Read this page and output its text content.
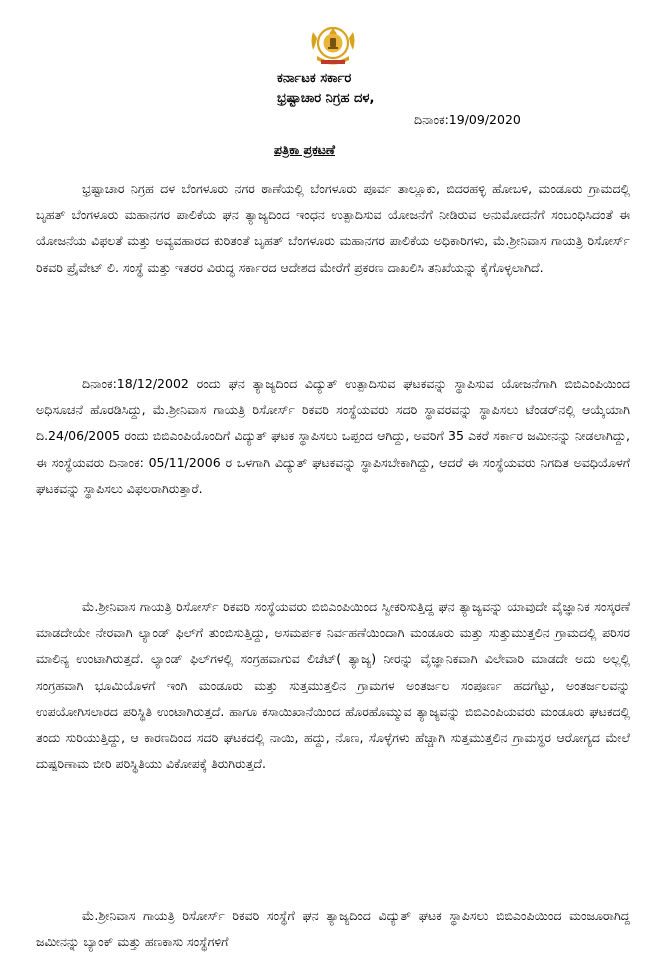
ಕರ್ನಾಟಕ ಸರ್ಕಾರ
ಭ್ರಷ್ಟಾಚಾರ ನಿಗ್ರಹ ದಳ,
ದಿನಾಂಕ:19/09/2020
ಪತ್ರಿಕಾ ಪ್ರಕಟಣೆ

ಭ್ರಷ್ಟಾಚಾರ ನಿಗ್ರಹ ದಳ ಬೆಂಗಳೂರು ನಗರ ಠಾಣೆಯಲ್ಲಿ ಬೆಂಗಳೂರು ಪೂರ್ವ ತಾಲ್ಲೂಕು, ಬಿದರಹಳ್ಳಿ ಹೋಬಳಿ, ಮಂಡೂರು ಗ್ರಾಮದಲ್ಲಿ ಬೃಹತ್ ಬೆಂಗಳೂರು ಮಹಾನಗರ ಪಾಲಿಕೆಯ ಘನ ತ್ಯಾಜ್ಯದಿಂದ ಇಂಧನ ಉತ್ಪಾದಿಸುವ ಯೋಜನೆಗೆ ನೀಡಿರುವ ಅನುಮೋದನೆಗೆ ಸಂಬಂಧಿಸಿದಂತೆ ಈ ಯೋಜನೆಯ ವಿಫಲತೆ ಮತ್ತು ಅವ್ಯವಹಾರದ ಕುರಿತಂತೆ ಬೃಹತ್ ಬೆಂಗಳೂರು ಮಹಾನಗರ ಪಾಲಿಕೆಯ ಅಧಿಕಾರಿಗಳು, ಮೆ.ಶ್ರೀನಿವಾಸ ಗಾಯತ್ರಿ ರಿಸೋರ್ಸ್ ರಿಕವರಿ ಪ್ರೈವೇಟ್ ಲಿ. ಸಂಸ್ಥೆ ಮತ್ತು ಇತರರ ವಿರುದ್ಧ ಸರ್ಕಾರದ ಆದೇಶದ ಮೇರೆಗೆ ಪ್ರಕರಣ ದಾಖಲಿಸಿ ತನಿಖೆಯನ್ನು ಕೈಗೊಳ್ಳಲಾಗಿದೆ.

ದಿನಾಂಕ:18/12/2002 ರಂದು ಘನ ತ್ಯಾಜ್ಯದಿಂದ ವಿದ್ಯುತ್ ಉತ್ಪಾದಿಸುವ ಘಟಕವನ್ನು ಸ್ಥಾಪಿಸುವ ಯೋಜನೆಗಾಗಿ ಬಿಬಿಎಂಪಿಯಿಂದ ಅಧಿಸೂಚನೆ ಹೊರಡಿಸಿದ್ದು, ಮೆ.ಶ್ರೀನಿವಾಸ ಗಾಯತ್ರಿ ರಿಸೋರ್ಸ್ ರಿಕವರಿ ಸಂಸ್ಥೆಯವರು ಸದರಿ ಸ್ಥಾವರವನ್ನು ಸ್ಥಾಪಿಸಲು ಟೆಂಡರ್‌ನಲ್ಲಿ ಆಯ್ಕೆಯಾಗಿ ದಿ.24/06/2005 ರಂದು ಬಿಬಿಎಂಪಿಯೊಂದಿಗೆ ವಿದ್ಯುತ್ ಘಟಕ ಸ್ಥಾಪಿಸಲು ಒಪ್ಪಂದ ಆಗಿದ್ದು, ಅವರಿಗೆ 35 ಎಕರೆ ಸರ್ಕಾರ ಜಮೀನನ್ನು ನೀಡಲಾಗಿದ್ದು, ಈ ಸಂಸ್ಥೆಯವರು ದಿನಾಂಕ: 05/11/2006 ರ ಒಳಗಾಗಿ ವಿದ್ಯುತ್ ಘಟಕವನ್ನು ಸ್ಥಾಪಿಸಬೇಕಾಗಿದ್ದು, ಆದರೆ ಈ ಸಂಸ್ಥೆಯವರು ನಿಗದಿತ ಅವಧಿಯೊಳಗೆ ಘಟಕವನ್ನು ಸ್ಥಾಪಿಸಲು ವಿಫಲರಾಗಿರುತ್ತಾರೆ.

ಮೆ.ಶ್ರೀನಿವಾಸ ಗಾಯತ್ರಿ ರಿಸೋರ್ಸ್ ರಿಕವರಿ ಸಂಸ್ಥೆಯವರು ಬಿಬಿಎಂಪಿಯಿಂದ ಸ್ವೀಕರಿಸುತ್ತಿದ್ದ ಘನ ತ್ಯಾಜ್ಯವನ್ನು ಯಾವುದೇ ವೈಜ್ಞಾನಿಕ ಸಂಸ್ಕರಣೆ ಮಾಡದೇಯೇ ನೇರವಾಗಿ ಲ್ಯಾಂಡ್ ಫಿಲ್‌ಗೆ ತುಂಬಿಸುತ್ತಿದ್ದು, ಅಸಮರ್ಪಕ ನಿರ್ವಹಣೆಯಿಂದಾಗಿ ಮಂಡೂರು ಮತ್ತು ಸುತ್ತುಮುತ್ತಲಿನ ಗ್ರಾಮದಲ್ಲಿ ಪರಿಸರ ಮಾಲಿನ್ಯ ಉಂಟಾಗಿರುತ್ತದೆ. ಲ್ಯಾಂಡ್ ಫಿಲ್‌ಗಳಲ್ಲಿ ಸಂಗ್ರಹವಾಗುವ ಲಿಚೆಟ್( ತ್ಯಾಜ್ಯ) ನೀರನ್ನು ವೈಜ್ಞಾನಿಕವಾಗಿ ವಿಲೇವಾರಿ ಮಾಡದೇ ಅದು ಅಲ್ಲಲ್ಲಿ ಸಂಗ್ರಹವಾಗಿ ಭೂಮಿಯೊಳಗೆ ಇಂಗಿ ಮಂಡೂರು ಮತ್ತು ಸುತ್ತಮುತ್ತಲಿನ ಗ್ರಾಮಗಳ ಅಂತರ್ಜಲ ಸಂಪೂರ್ಣ ಹದಗೆಟ್ಟು, ಅಂತರ್ಜಲವನ್ನು ಉಪಯೋಗಿಸಲಾರದ ಪರಿಸ್ಥಿತಿ ಉಂಟಾಗಿರುತ್ತದೆ. ಹಾಗೂ ಕಸಾಯಿಖಾನೆಯಿಂದ ಹೊರಹೊಮ್ಮುವ ತ್ಯಾಜ್ಯವನ್ನು ಬಿಬಿಎಂಪಿಯವರು ಮಂಡೂರು ಘಟಕದಲ್ಲಿ ತಂದು ಸುರಿಯುತ್ತಿದ್ದು, ಆ ಕಾರಣದಿಂದ ಸದರಿ ಘಟಕದಲ್ಲಿ ನಾಯಿ, ಹದ್ದು, ನೊಣ, ಸೊಳ್ಳೆಗಳು ಹೆಚ್ಚಾಗಿ ಸುತ್ತಮುತ್ತಲಿನ ಗ್ರಾಮಸ್ಥರ ಆರೋಗ್ಯದ ಮೇಲೆ ದುಷ್ಪರಿಣಾಮ ಬೀರಿ ಪರಿಸ್ಥಿತಿಯು ವಿಕೋಪಕ್ಕೆ ತಿರುಗಿರುತ್ತದೆ.

ಮೆ.ಶ್ರೀನಿವಾಸ ಗಾಯತ್ರಿ ರಿಸೋರ್ಸ್ ರಿಕವರಿ ಸಂಸ್ಥೆಗೆ ಘನ ತ್ಯಾಜ್ಯದಿಂದ ವಿದ್ಯುತ್ ಘಟಕ ಸ್ಥಾಪಿಸಲು ಬಿಬಿಎಂಪಿಯಿಂದ ಮಂಜೂರಾಗಿದ್ದ ಜಮೀನನ್ನು ಬ್ಯಾಂಕ್ ಮತ್ತು ಹಣಕಾಸು ಸಂಸ್ಥೆಗಳಿಗೆ
